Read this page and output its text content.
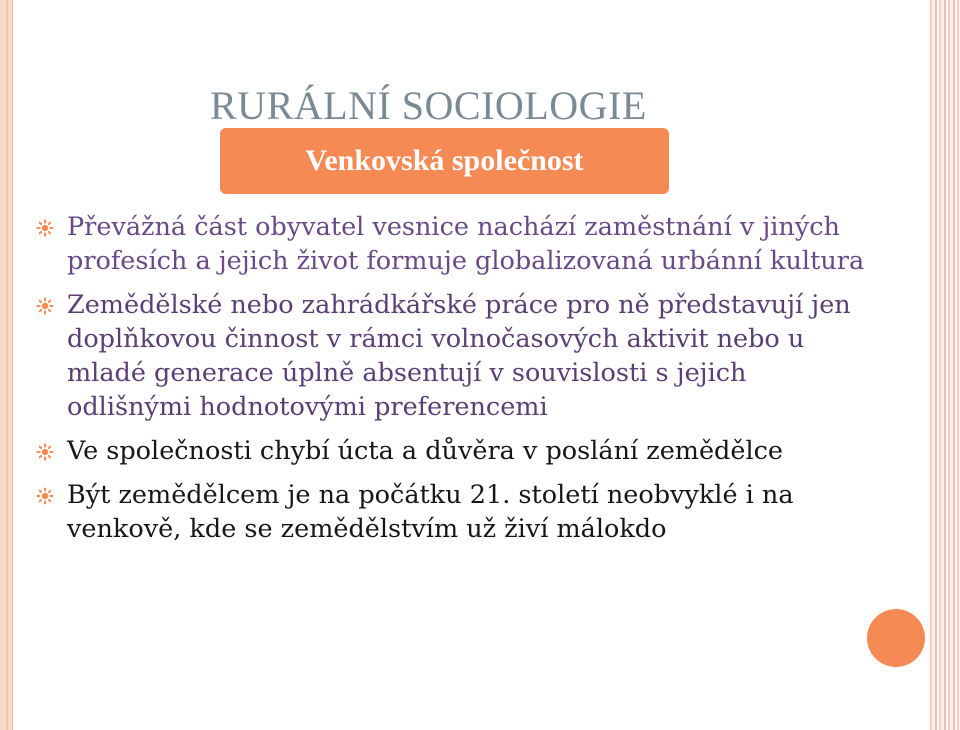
RURÁLNÍ SOCIOLOGIE
Venkovská společnost
Převážná část obyvatel vesnice nachází zaměstnání v jiných profesích a jejich život formuje globalizovaná urbánní kultura
Zemědělské nebo zahrádkářské práce pro ně představují jen doplňkovou činnost v rámci volnočasových aktivit nebo u mladé generace úplně absentují v souvislosti s jejich odlišnými hodnotovými preferencemi
Ve společnosti chybí úcta a důvěra v poslání zemědělce
Být zemědělcem je na počátku 21. století neobvyklé i na venkově, kde se zemědělstvím už živí málokdo
